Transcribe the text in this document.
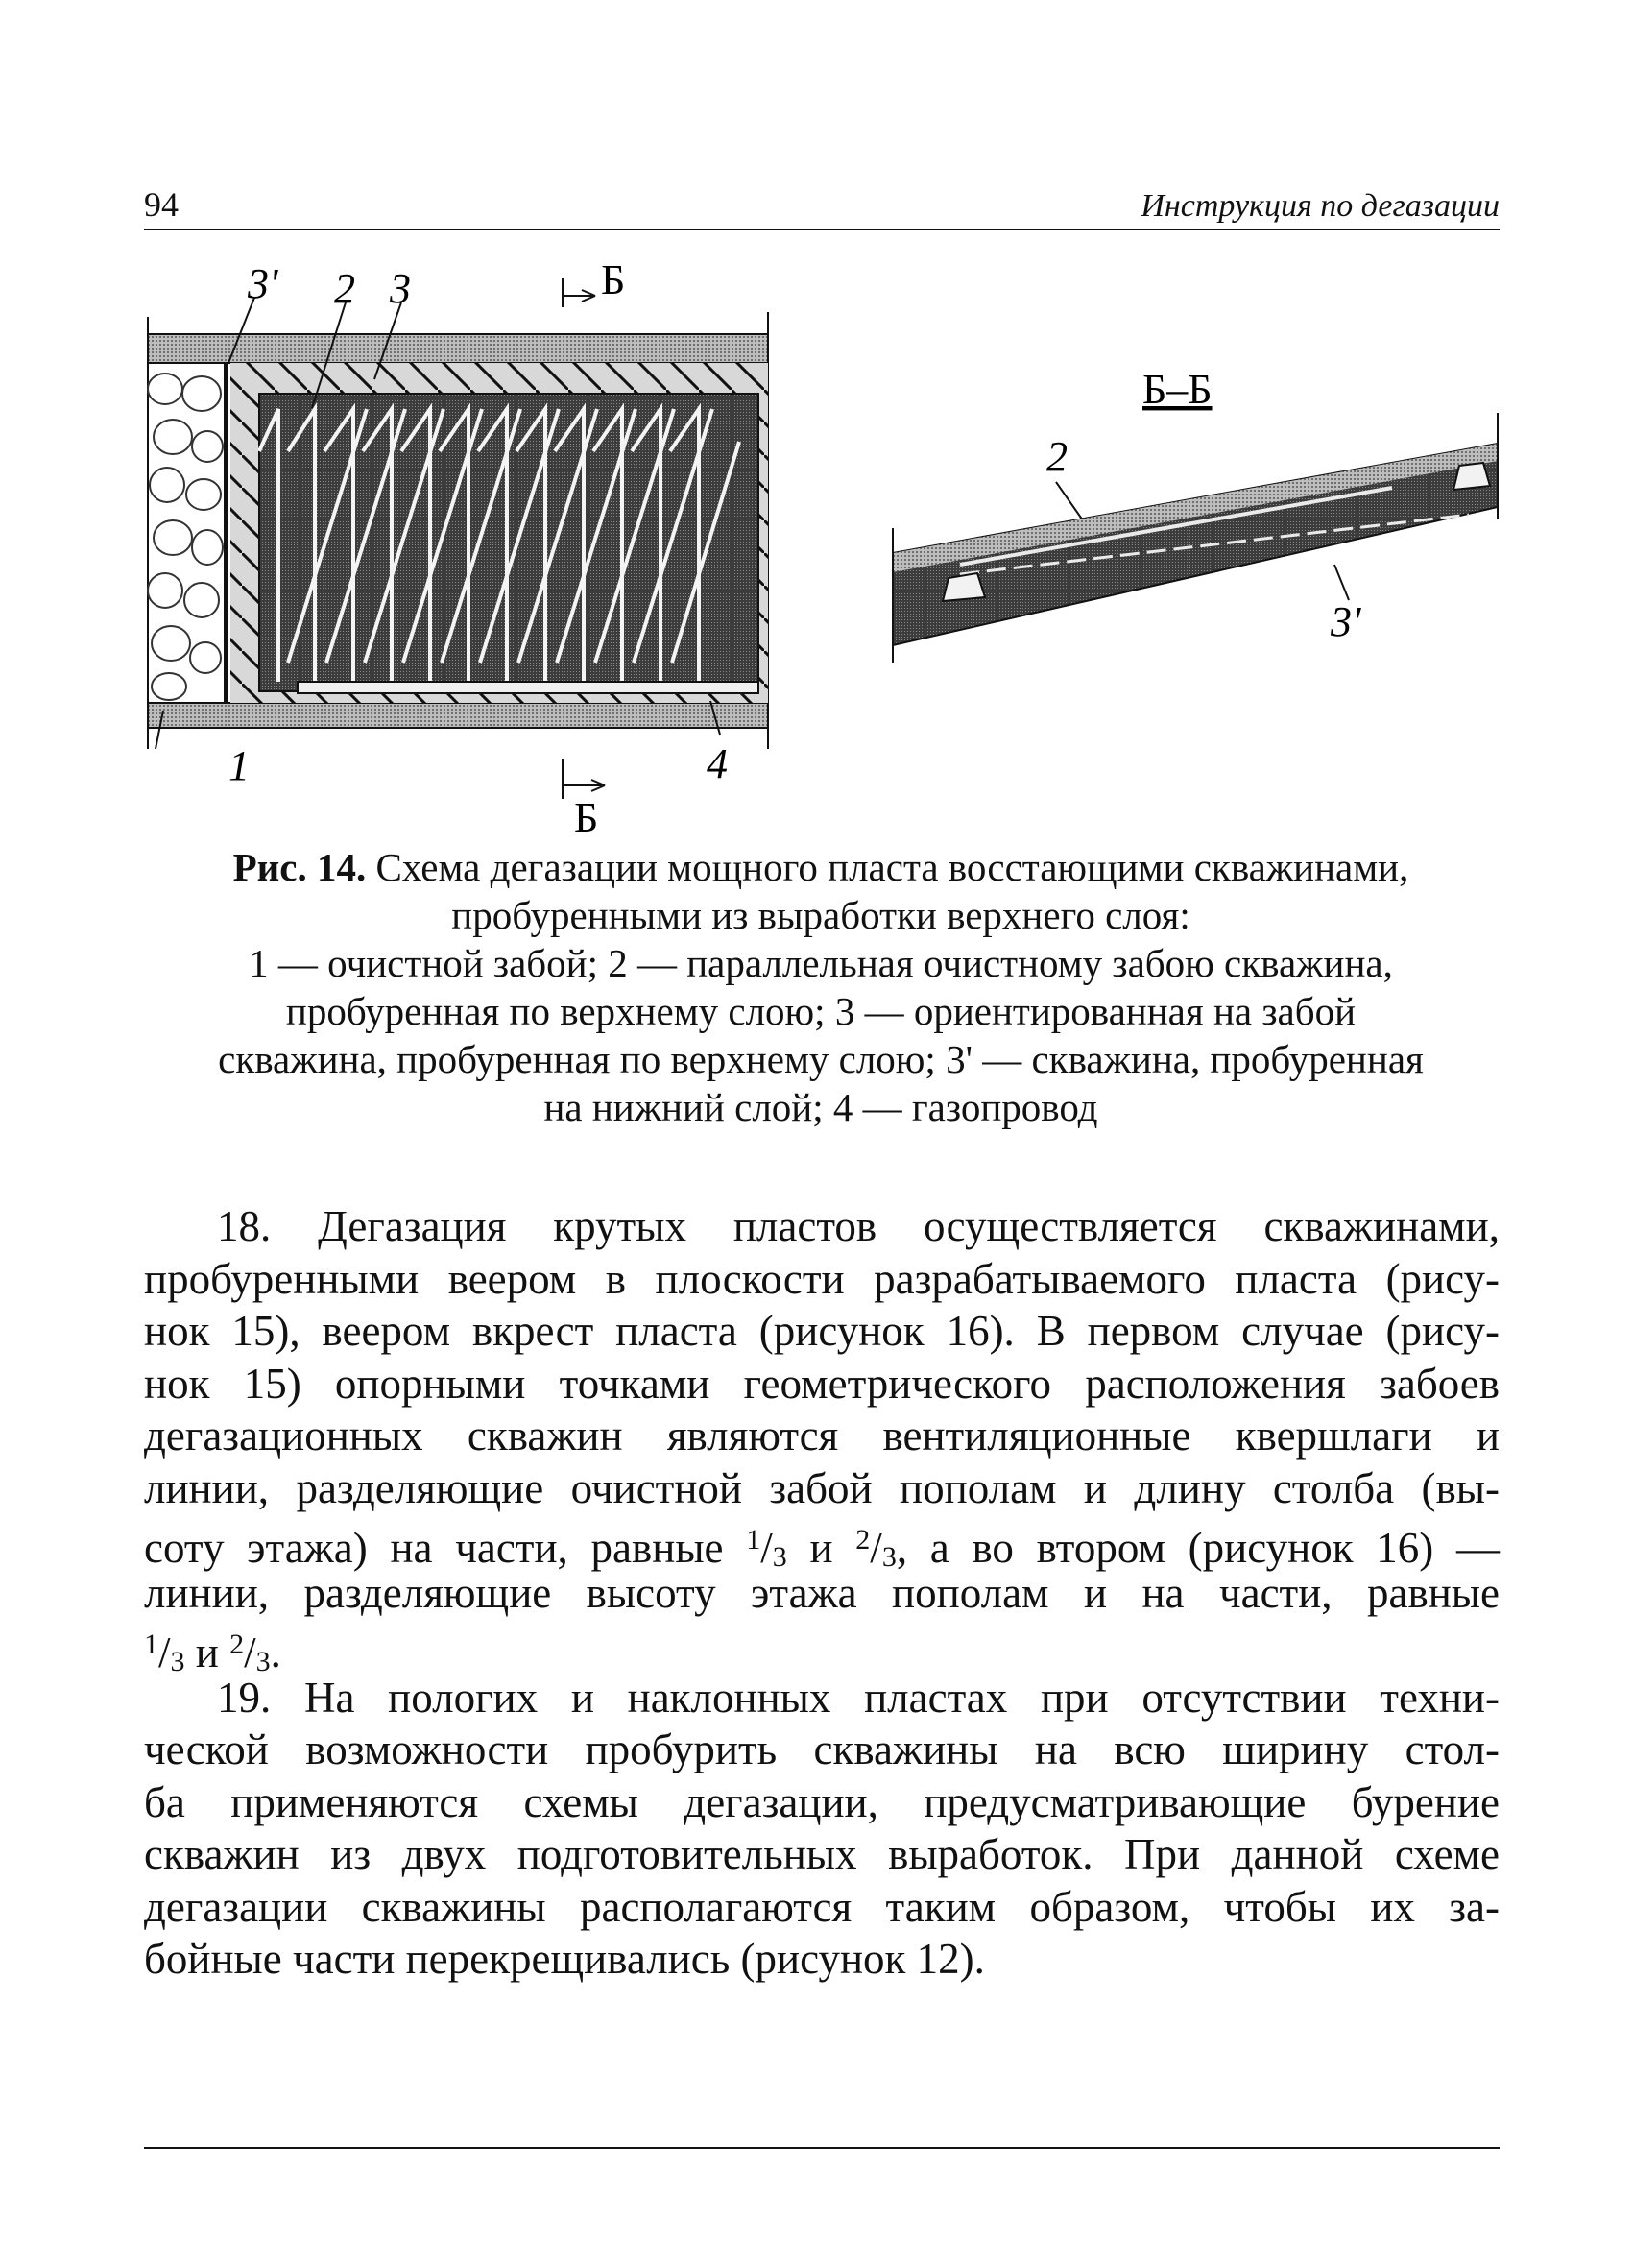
94	Инструкция по дегазации
3' 2 3	Б
1	4
Б
Б–Б
2
3'
Рис. 14. Схема дегазации мощного пласта восстающими скважинами,
пробуренными из выработки верхнего слоя:
1 — очистной забой; 2 — параллельная очистному забою скважина,
пробуренная по верхнему слою; 3 — ориентированная на забой
скважина, пробуренная по верхнему слою; 3' — скважина, пробуренная
на нижний слой; 4 — газопровод
18. Дегазация крутых пластов осуществляется скважинами,
пробуренными веером в плоскости разрабатываемого пласта (рису-
нок 15), веером вкрест пласта (рисунок 16). В первом случае (рису-
нок 15) опорными точками геометрического расположения забоев
дегазационных скважин являются вентиляционные квершлаги и
линии, разделяющие очистной забой пополам и длину столба (вы-
соту этажа) на части, равные $^1$/3 и $^2$/3, а во втором (рисунок 16) —
линии, разделяющие высоту этажа пополам и на части, равные
$^1$/3 и $^2$/3.
19. На пологих и наклонных пластах при отсутствии техни-
ческой возможности пробурить скважины на всю ширину стол-
ба применяются схемы дегазации, предусматривающие бурение
скважин из двух подготовительных выработок. При данной схеме
дегазации скважины располагаются таким образом, чтобы их за-
бойные части перекрещивались (рисунок 12).
